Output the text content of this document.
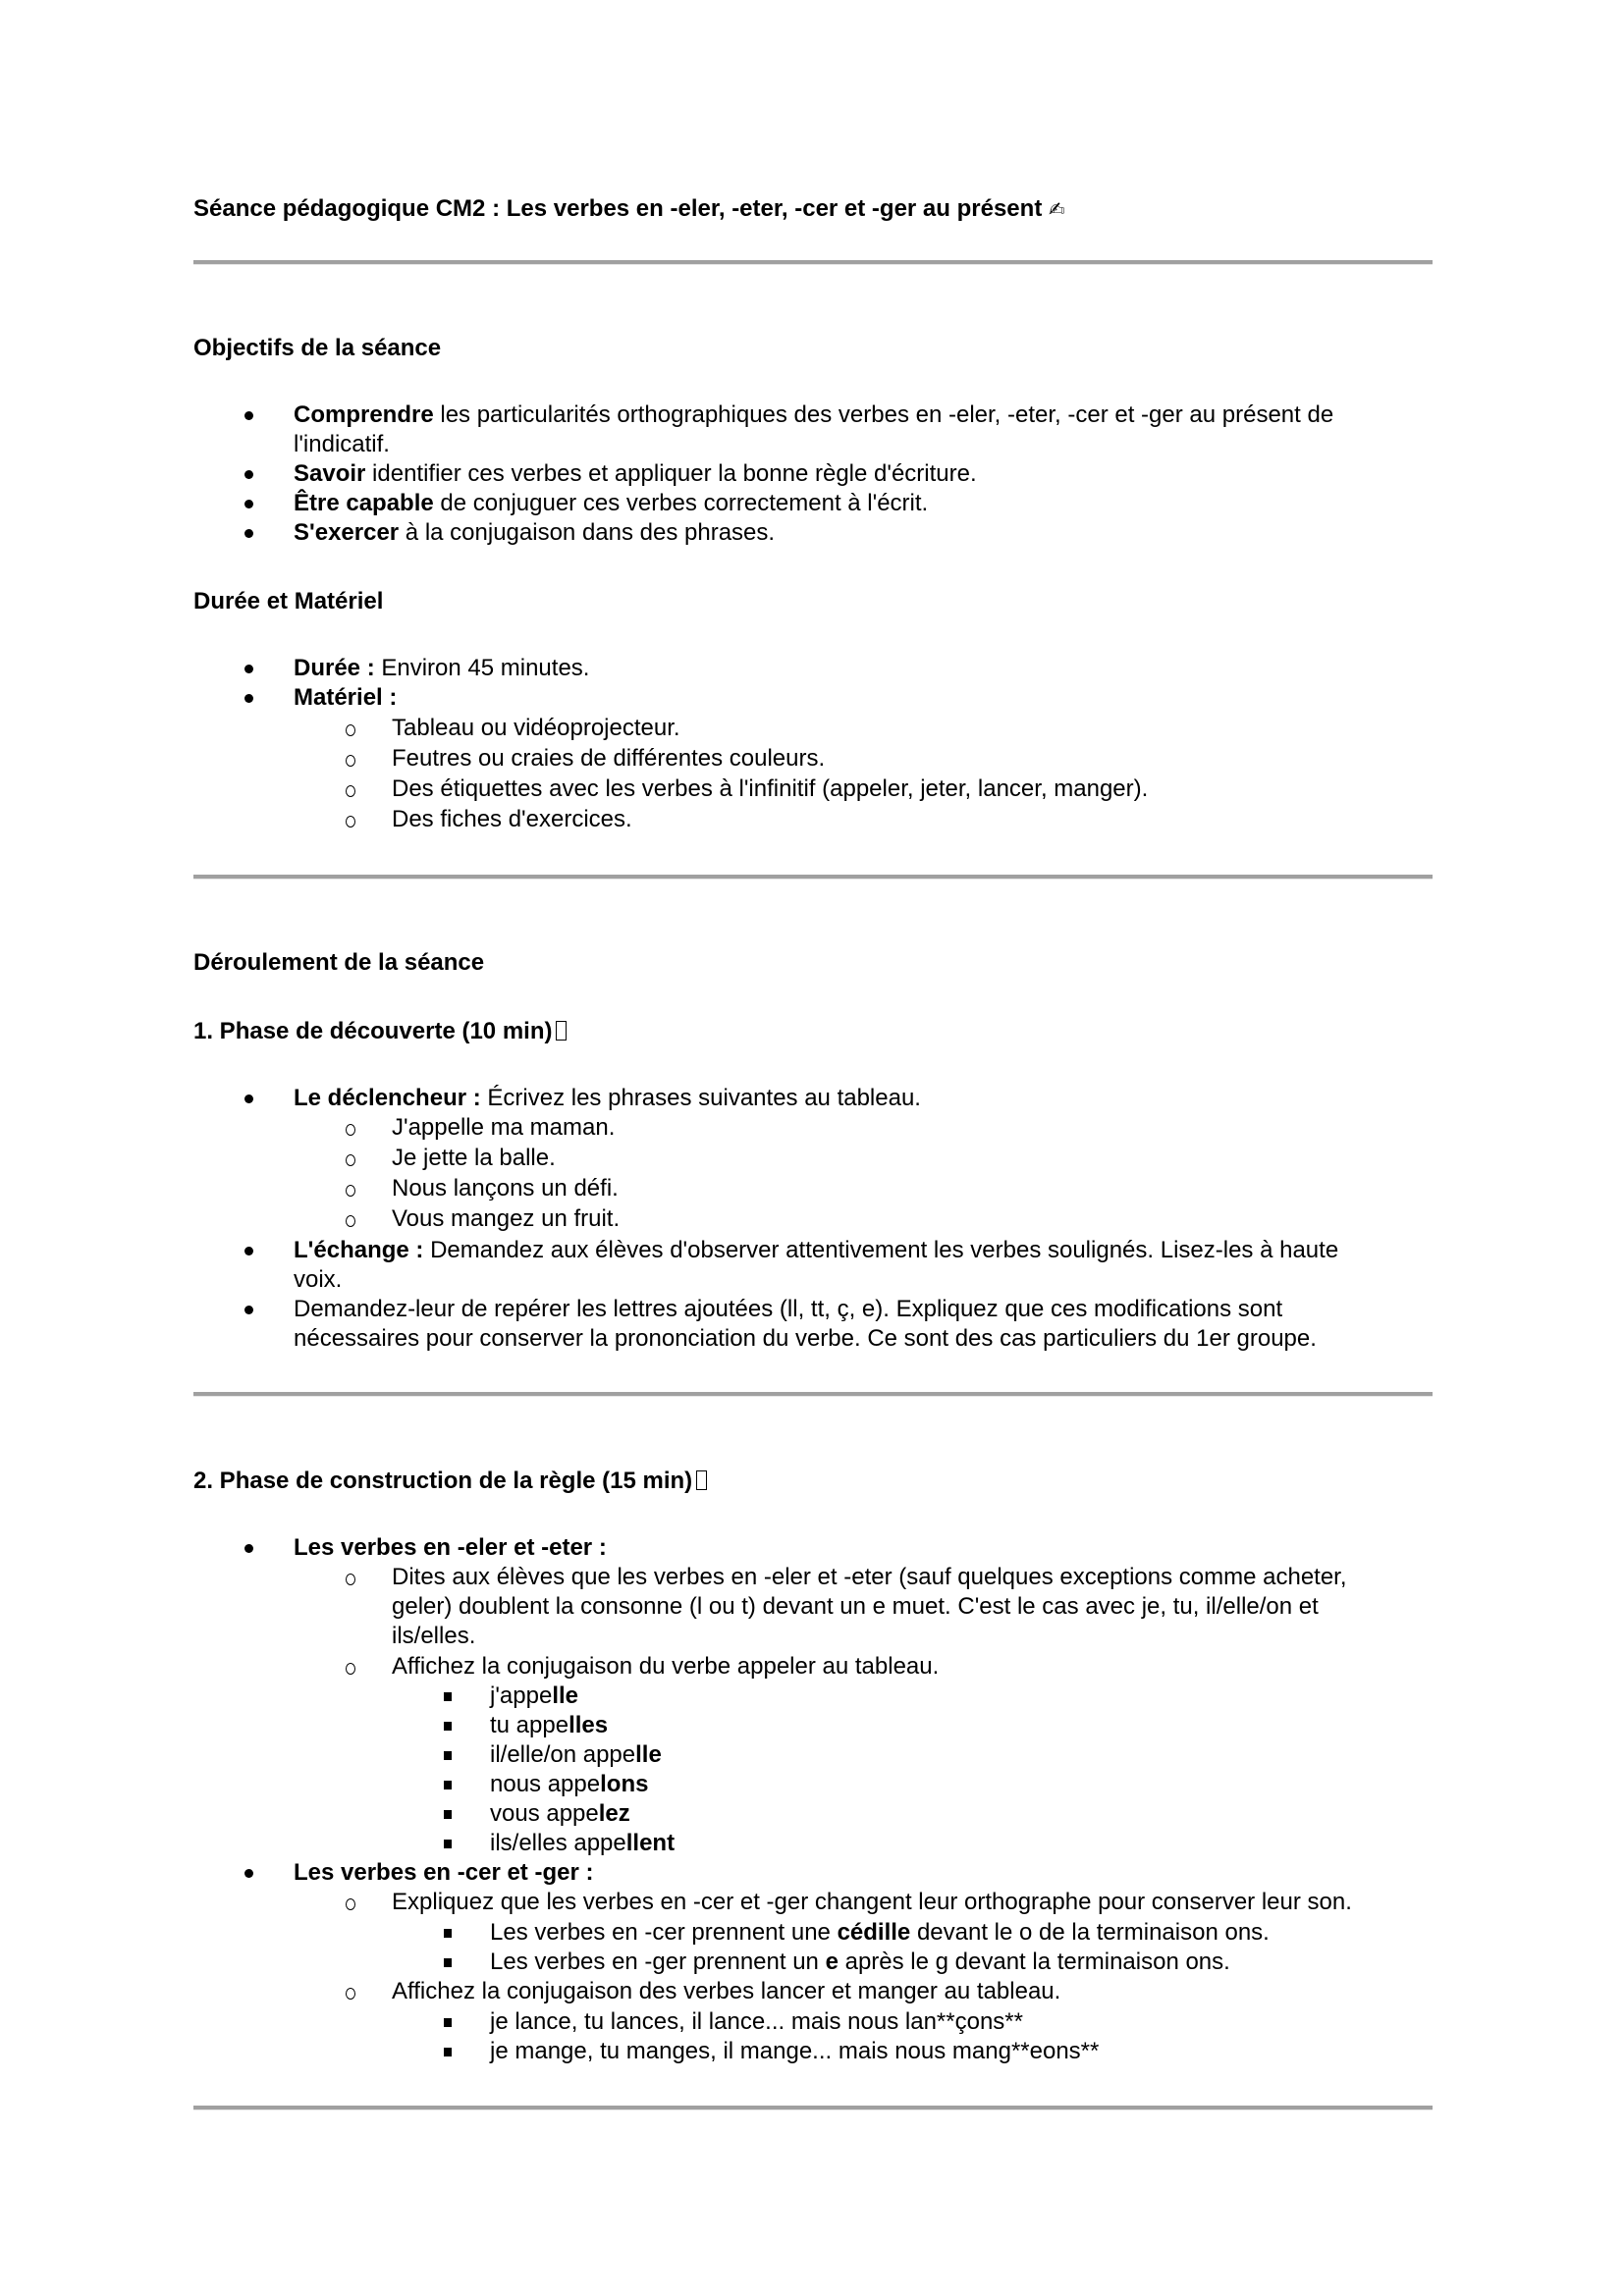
Séance pédagogique CM2 : Les verbes en -eler, -eter, -cer et -ger au présent ✍
Objectifs de la séance
Comprendre les particularités orthographiques des verbes en -eler, -eter, -cer et -ger au présent de
l'indicatif.
Savoir identifier ces verbes et appliquer la bonne règle d'écriture.
Être capable de conjuguer ces verbes correctement à l'écrit.
S'exercer à la conjugaison dans des phrases.
Durée et Matériel
Durée : Environ 45 minutes.
Matériel :
Tableau ou vidéoprojecteur.
Feutres ou craies de différentes couleurs.
Des étiquettes avec les verbes à l'infinitif (appeler, jeter, lancer, manger).
Des fiches d'exercices.
Déroulement de la séance
1. Phase de découverte (10 min)
Le déclencheur : Écrivez les phrases suivantes au tableau.
J'appelle ma maman.
Je jette la balle.
Nous lançons un défi.
Vous mangez un fruit.
L'échange : Demandez aux élèves d'observer attentivement les verbes soulignés. Lisez-les à haute
voix.
Demandez-leur de repérer les lettres ajoutées (ll, tt, ç, e). Expliquez que ces modifications sont
nécessaires pour conserver la prononciation du verbe. Ce sont des cas particuliers du 1er groupe.
2. Phase de construction de la règle (15 min)
Les verbes en -eler et -eter :
Dites aux élèves que les verbes en -eler et -eter (sauf quelques exceptions comme acheter,
geler) doublent la consonne (l ou t) devant un e muet. C'est le cas avec je, tu, il/elle/on et
ils/elles.
Affichez la conjugaison du verbe appeler au tableau.
j'appelle
tu appelles
il/elle/on appelle
nous appelons
vous appelez
ils/elles appellent
Les verbes en -cer et -ger :
Expliquez que les verbes en -cer et -ger changent leur orthographe pour conserver leur son.
Les verbes en -cer prennent une cédille devant le o de la terminaison ons.
Les verbes en -ger prennent un e après le g devant la terminaison ons.
Affichez la conjugaison des verbes lancer et manger au tableau.
je lance, tu lances, il lance... mais nous lan**çons**
je mange, tu manges, il mange... mais nous mang**eons**
